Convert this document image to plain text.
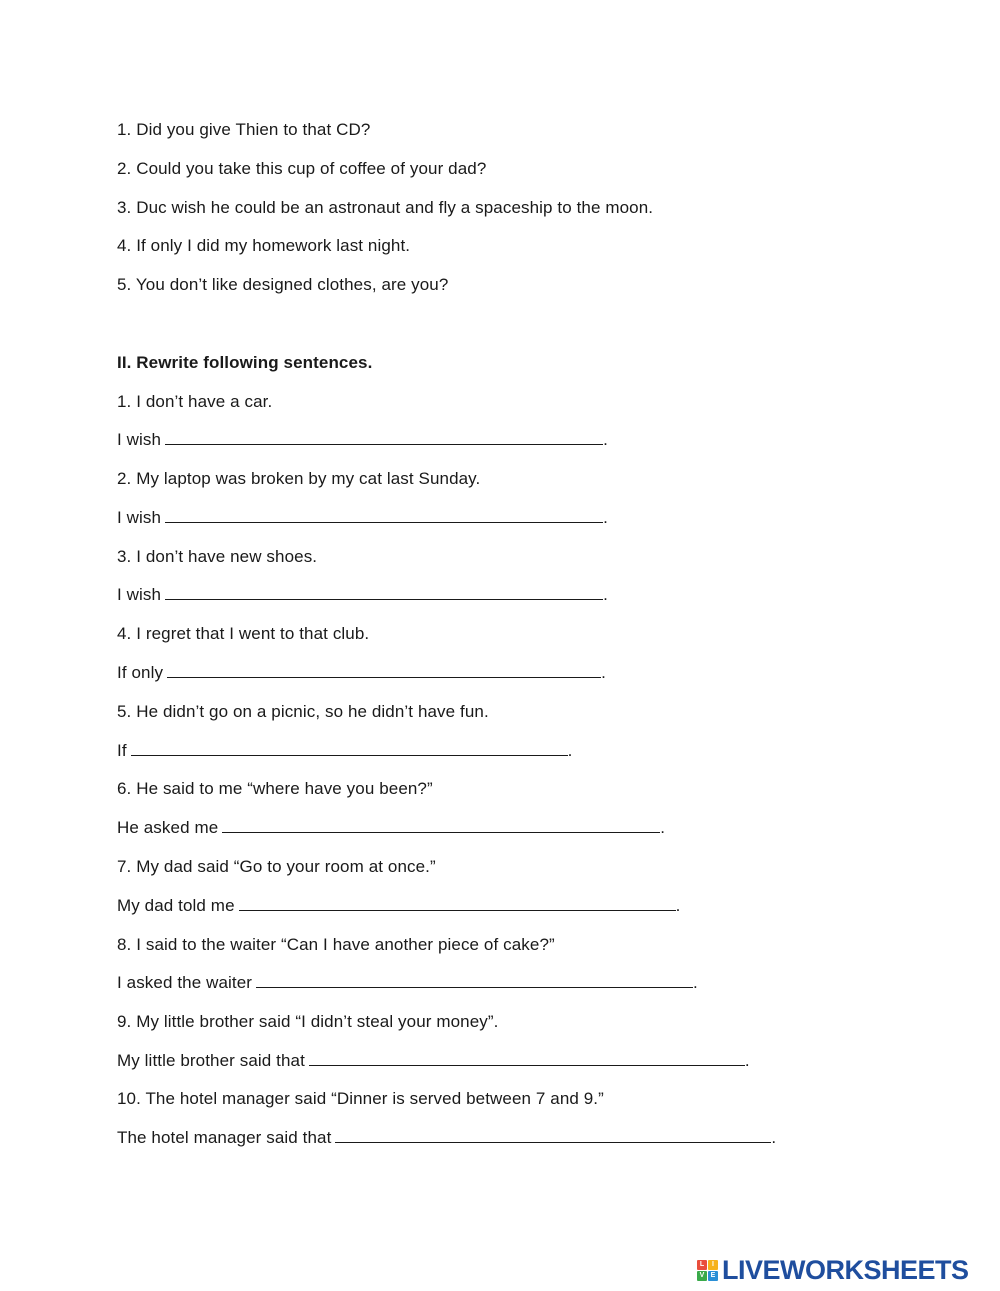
1. Did you give Thien to that CD?
2. Could you take this cup of coffee of your dad?
3. Duc wish he could be an astronaut and fly a spaceship to the moon.
4. If only I did my homework last night.
5. You don’t like designed clothes, are you?
II. Rewrite following sentences.
1. I don’t have a car.
I wish	.
2. My laptop was broken by my cat last Sunday.
I wish	.
3. I don’t have new shoes.
I wish	.
4. I regret that I went to that club.
If only	.
5. He didn’t go on a picnic, so he didn’t have fun.
If	.
6. He said to me “where have you been?”
He asked me	.
7. My dad said “Go to your room at once.”
My dad told me	.
8. I said to the waiter “Can I have another piece of cake?”
I asked the waiter	.
9. My little brother said “I didn’t steal your money”.
My little brother said that	.
10. The hotel manager said “Dinner is served between 7 and 9.”
The hotel manager said that	.
L	I
V E LIVEWORKSHEETS
